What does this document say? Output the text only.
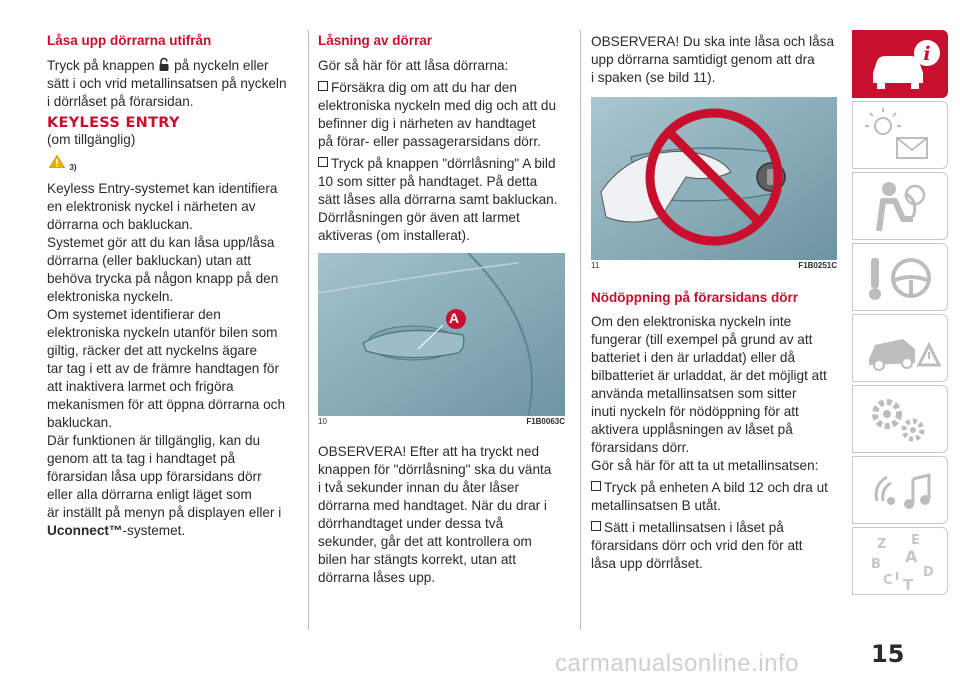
Låsa upp dörrarna utifrån

Tryck på knappen på nyckeln eller

sätt i och vrid metallinsatsen på nyckeln

i dörrlåset på förarsidan.

KEYLESS ENTRY

(om tillgänglig)

$_{3)}$

Keyless Entry-systemet kan identifiera

en elektronisk nyckel i närheten av

dörrarna och bakluckan.

Systemet gör att du kan låsa upp/låsa

dörrarna (eller bakluckan) utan att

behöva trycka på någon knapp på den

elektroniska nyckeln.

Om systemet identifierar den

elektroniska nyckeln utanför bilen som

giltig, räcker det att nyckelns ägare

tar tag i ett av de främre handtagen för

att inaktivera larmet och frigöra

mekanismen för att öppna dörrarna och

bakluckan.

Där funktionen är tillgänglig, kan du

genom att ta tag i handtaget på

förarsidan låsa upp förarsidans dörr

eller alla dörrarna enligt läget som

är inställt på menyn på displayen eller i

Uconnect™-systemet.

Låsning av dörrar

Gör så här för att låsa dörrarna:

Försäkra dig om att du har den

elektroniska nyckeln med dig och att du

befinner dig i närheten av handtaget

på förar- eller passagerarsidans dörr.

Tryck på knappen "dörrlåsning" A bild

10 som sitter på handtaget. På detta

sätt låses alla dörrarna samt bakluckan.

Dörrlåsningen gör även att larmet

aktiveras (om installerat).

A
10	F1B0063C

OBSERVERA! Efter att ha tryckt ned

knappen för "dörrlåsning" ska du vänta

i två sekunder innan du åter låser

dörrarna med handtaget. När du drar i

dörrhandtaget under dessa två

sekunder, går det att kontrollera om

bilen har stängts korrekt, utan att

dörrarna låses upp.

OBSERVERA! Du ska inte låsa och låsa

upp dörrarna samtidigt genom att dra

i spaken (se bild 11).

11	F1B0251C
Nödöppning på förarsidans dörr

Om den elektroniska nyckeln inte

fungerar (till exempel på grund av att

batteriet i den är urladdat) eller då

bilbatteriet är urladdat, är det möjligt att

använda metallinsatsen som sitter

inuti nyckeln för nödöppning för att

aktivera upplåsningen av låset på

förarsidans dörr.

Gör så här för att ta ut metallinsatsen:

Tryck på enheten A bild 12 och dra ut

metallinsatsen B utåt.

Sätt i metallinsatsen i låset på

förarsidans dörr och vrid den för att

låsa upp dörrlåset.

i
Z E
B A
D
C T
I
15
carmanualsonline.info
